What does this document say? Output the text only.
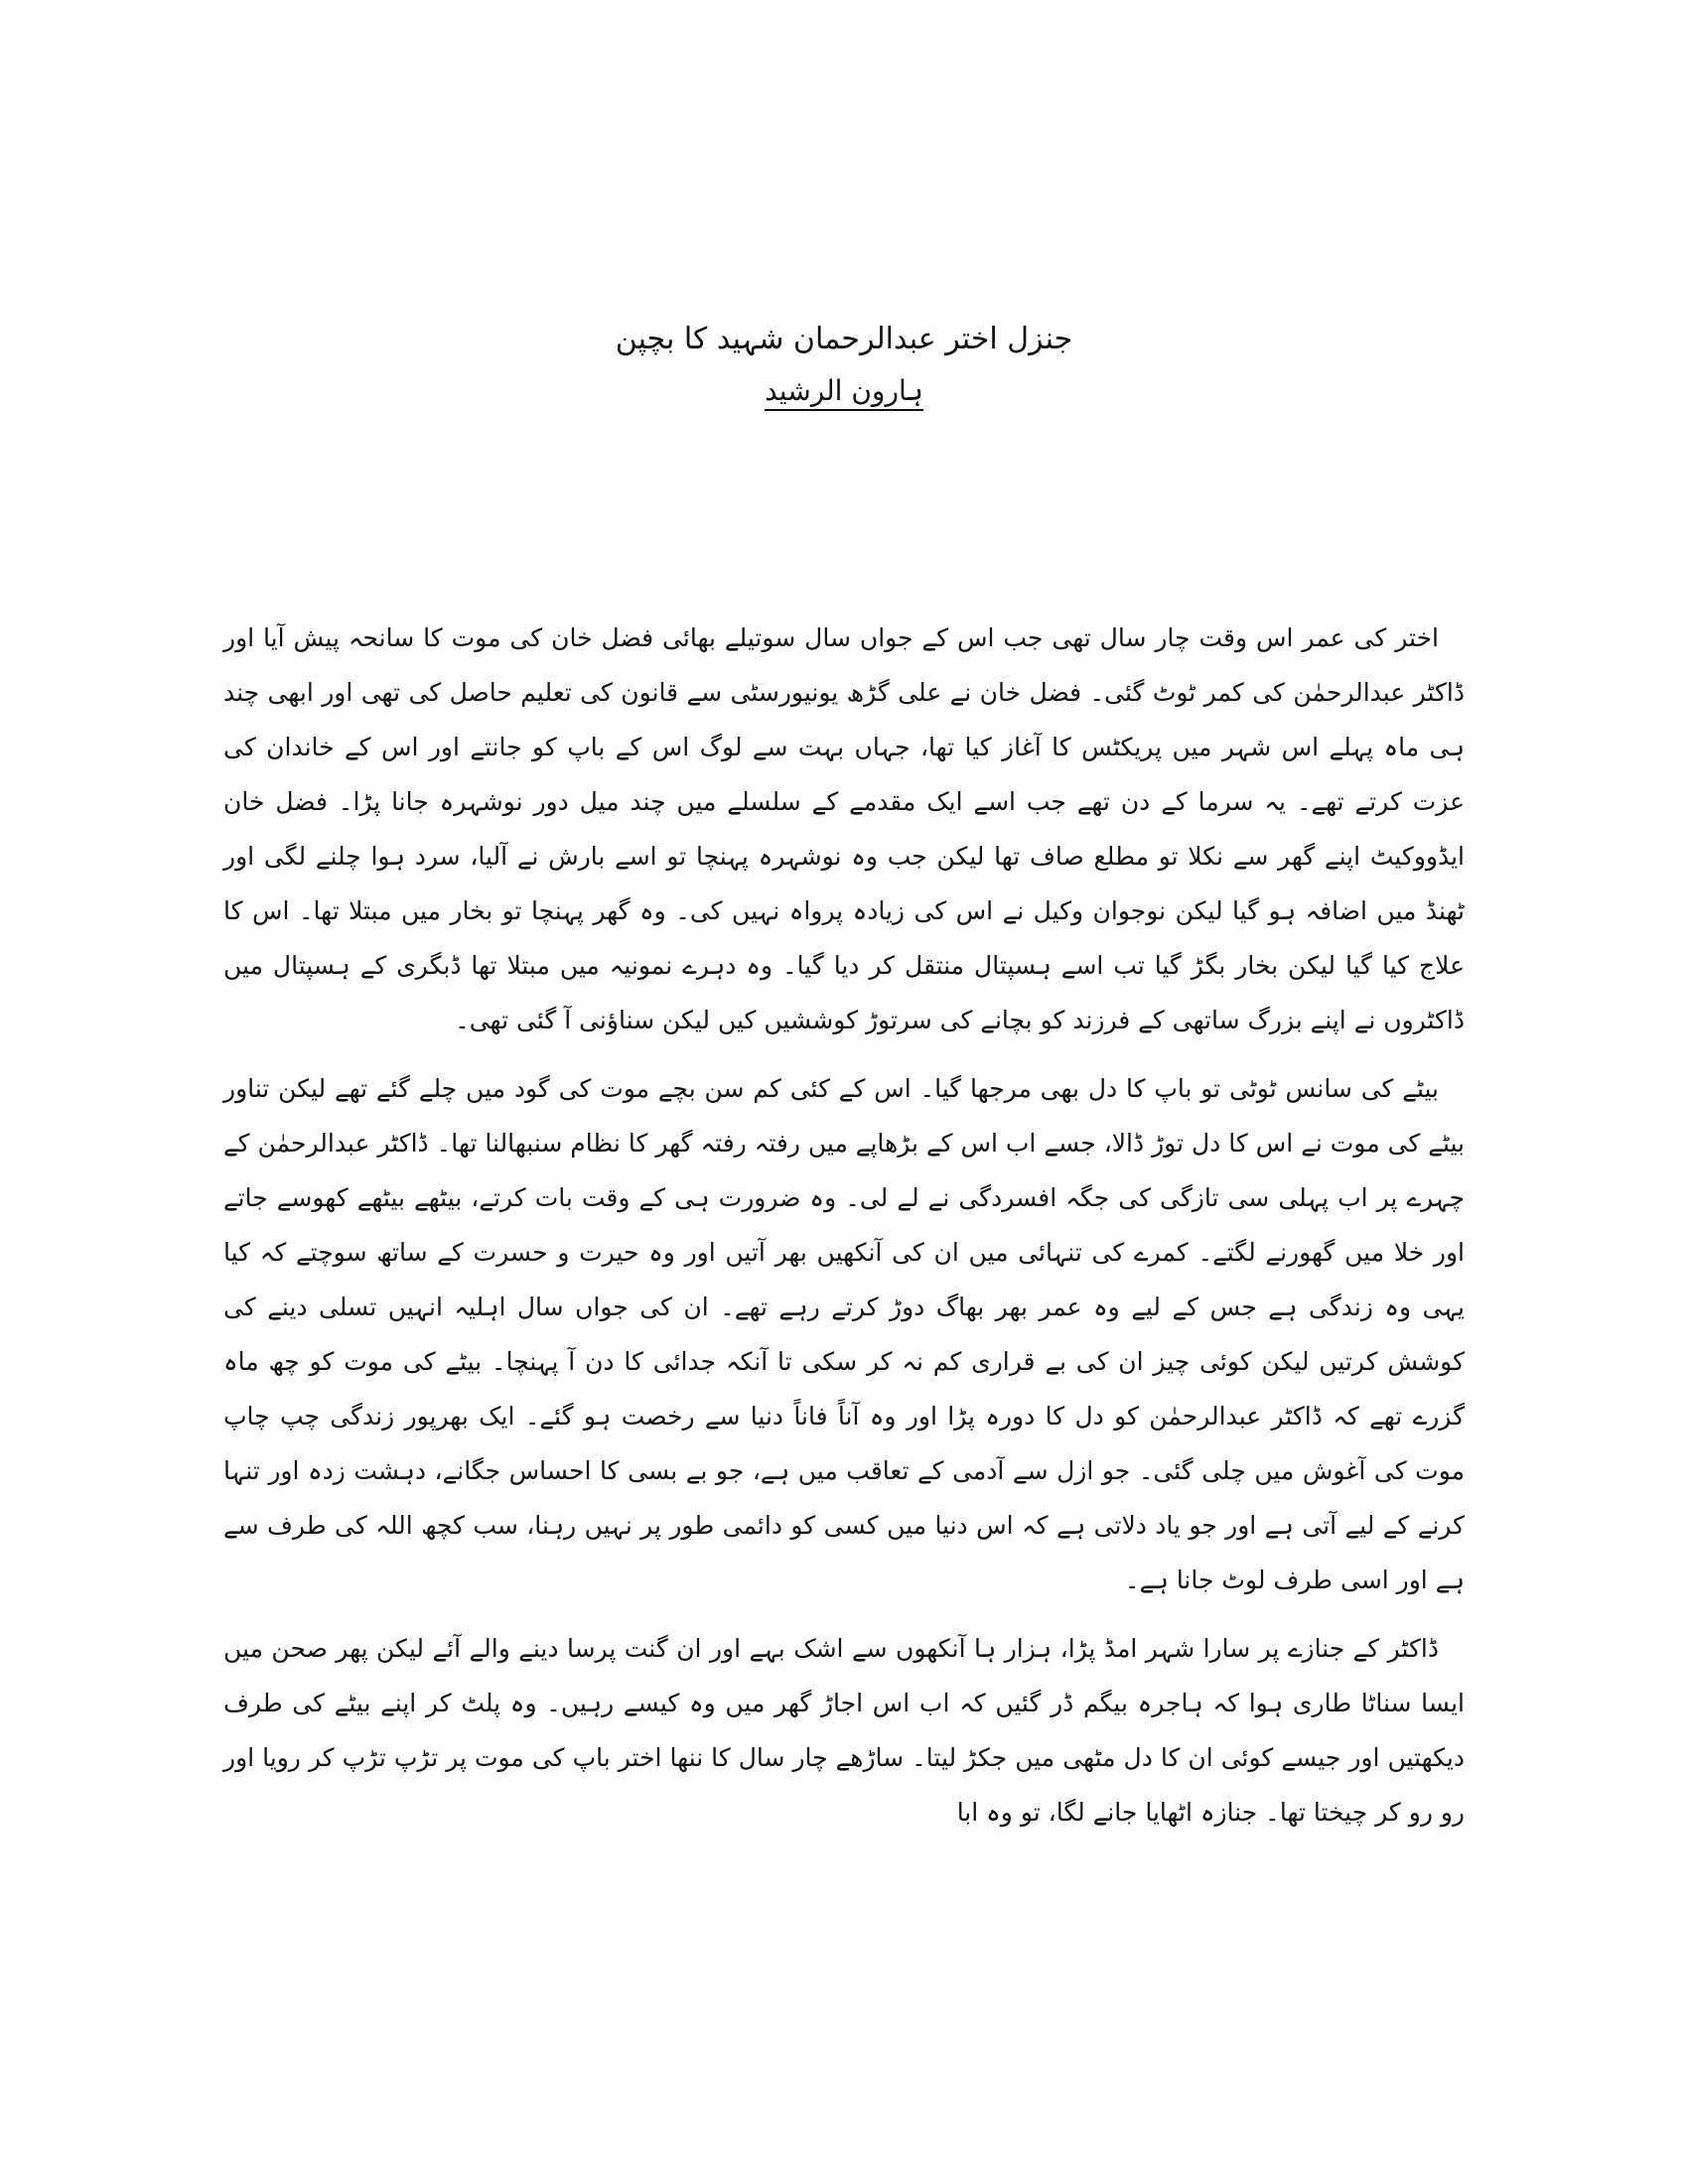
جنزل اختر عبدالرحمان شہید کا بچپن
ہارون الرشید

اختر کی عمر اس وقت چار سال تھی جب اس کے جواں سال سوتیلے بھائی فضل خان کی موت کا سانحہ پیش آیا اور ڈاکٹر عبدالرحمٰن کی کمر ٹوٹ گئی۔ فضل خان نے علی گڑھ یونیورسٹی سے قانون کی تعلیم حاصل کی تھی اور ابھی چند ہی ماہ پہلے اس شہر میں پریکٹس کا آغاز کیا تھا، جہاں بہت سے لوگ اس کے باپ کو جانتے اور اس کے خاندان کی عزت کرتے تھے۔ یہ سرما کے دن تھے جب اسے ایک مقدمے کے سلسلے میں چند میل دور نوشہرہ جانا پڑا۔ فضل خان ایڈووکیٹ اپنے گھر سے نکلا تو مطلع صاف تھا لیکن جب وہ نوشہرہ پہنچا تو اسے بارش نے آلیا، سرد ہوا چلنے لگی اور ٹھنڈ میں اضافہ ہو گیا لیکن نوجوان وکیل نے اس کی زیادہ پرواہ نہیں کی۔ وہ گھر پہنچا تو بخار میں مبتلا تھا۔ اس کا علاج کیا گیا لیکن بخار بگڑ گیا تب اسے ہسپتال منتقل کر دیا گیا۔ وہ دہرے نمونیہ میں مبتلا تھا ڈبگری کے ہسپتال میں ڈاکٹروں نے اپنے بزرگ ساتھی کے فرزند کو بچانے کی سرتوڑ کوششیں کیں لیکن سناؤنی آ گئی تھی۔

بیٹے کی سانس ٹوٹی تو باپ کا دل بھی مرجھا گیا۔ اس کے کئی کم سن بچے موت کی گود میں چلے گئے تھے لیکن تناور بیٹے کی موت نے اس کا دل توڑ ڈالا، جسے اب اس کے بڑھاپے میں رفتہ رفتہ گھر کا نظام سنبھالنا تھا۔ ڈاکٹر عبدالرحمٰن کے چہرے پر اب پہلی سی تازگی کی جگہ افسردگی نے لے لی۔ وہ ضرورت ہی کے وقت بات کرتے، بیٹھے بیٹھے کھوسے جاتے اور خلا میں گھورنے لگتے۔ کمرے کی تنہائی میں ان کی آنکھیں بھر آتیں اور وہ حیرت و حسرت کے ساتھ سوچتے کہ کیا یہی وہ زندگی ہے جس کے لیے وہ عمر بھر بھاگ دوڑ کرتے رہے تھے۔ ان کی جواں سال اہلیہ انہیں تسلی دینے کی کوشش کرتیں لیکن کوئی چیز ان کی بے قراری کم نہ کر سکی تا آنکہ جدائی کا دن آ پہنچا۔ بیٹے کی موت کو چھ ماہ گزرے تھے کہ ڈاکٹر عبدالرحمٰن کو دل کا دورہ پڑا اور وہ آناً فاناً دنیا سے رخصت ہو گئے۔ ایک بھرپور زندگی چپ چاپ موت کی آغوش میں چلی گئی۔ جو ازل سے آدمی کے تعاقب میں ہے، جو بے بسی کا احساس جگانے، دہشت زدہ اور تنہا کرنے کے لیے آتی ہے اور جو یاد دلاتی ہے کہ اس دنیا میں کسی کو دائمی طور پر نہیں رہنا، سب کچھ اللہ کی طرف سے ہے اور اسی طرف لوٹ جانا ہے۔

ڈاکٹر کے جنازے پر سارا شہر امڈ پڑا، ہزار ہا آنکھوں سے اشک بہے اور ان گنت پرسا دینے والے آئے لیکن پھر صحن میں ایسا سناٹا طاری ہوا کہ ہاجرہ بیگم ڈر گئیں کہ اب اس اجاڑ گھر میں وہ کیسے رہیں۔ وہ پلٹ کر اپنے بیٹے کی طرف دیکھتیں اور جیسے کوئی ان کا دل مٹھی میں جکڑ لیتا۔ ساڑھے چار سال کا ننھا اختر باپ کی موت پر تڑپ تڑپ کر رویا اور رو رو کر چیختا تھا۔ جنازہ اٹھایا جانے لگا، تو وہ ابا
